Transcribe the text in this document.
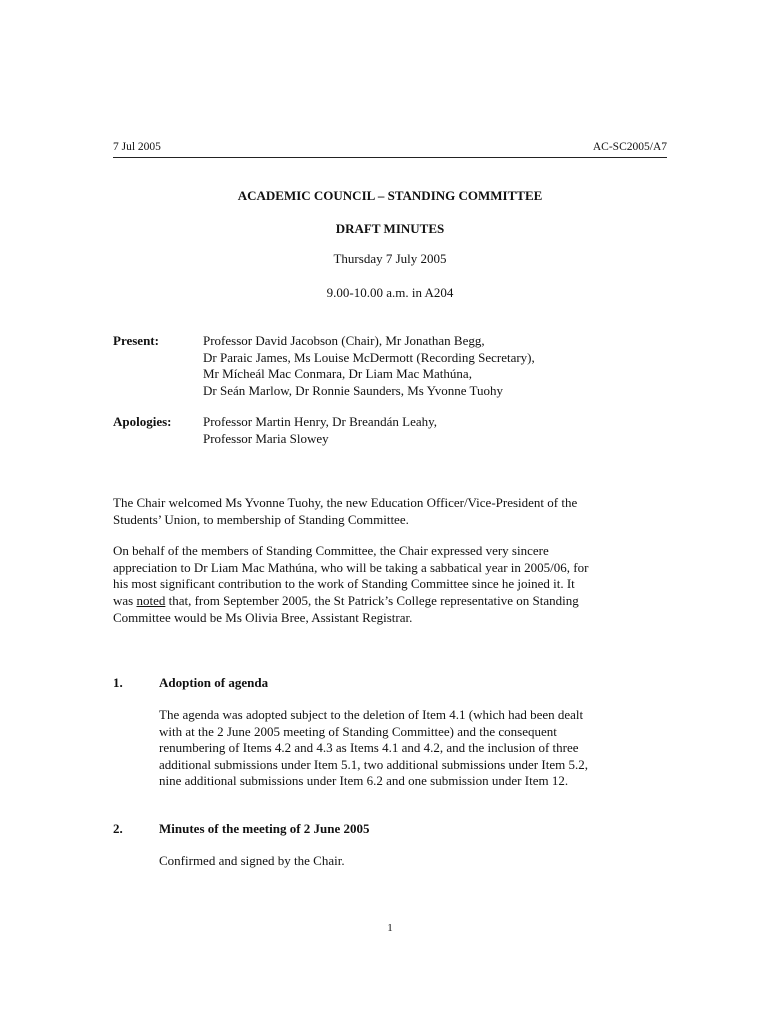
7 Jul 2005	AC-SC2005/A7
ACADEMIC COUNCIL – STANDING COMMITTEE
DRAFT MINUTES
Thursday 7 July 2005
9.00-10.00 a.m. in A204
Present:	Professor David Jacobson (Chair), Mr Jonathan Begg,
Dr Paraic James, Ms Louise McDermott (Recording Secretary),
Mr Mícheál Mac Conmara, Dr Liam Mac Mathúna,
Dr Seán Marlow, Dr Ronnie Saunders, Ms Yvonne Tuohy
Apologies: Professor Martin Henry, Dr Breandán Leahy,
Professor Maria Slowey
The Chair welcomed Ms Yvonne Tuohy, the new Education Officer/Vice-President of the
Students’ Union, to membership of Standing Committee.
On behalf of the members of Standing Committee, the Chair expressed very sincere
appreciation to Dr Liam Mac Mathúna, who will be taking a sabbatical year in 2005/06, for
his most significant contribution to the work of Standing Committee since he joined it. It
was noted that, from September 2005, the St Patrick’s College representative on Standing
Committee would be Ms Olivia Bree, Assistant Registrar.
1.	Adoption of agenda
The agenda was adopted subject to the deletion of Item 4.1 (which had been dealt
with at the 2 June 2005 meeting of Standing Committee) and the consequent
renumbering of Items 4.2 and 4.3 as Items 4.1 and 4.2, and the inclusion of three
additional submissions under Item 5.1, two additional submissions under Item 5.2,
nine additional submissions under Item 6.2 and one submission under Item 12.
2.	Minutes of the meeting of 2 June 2005
Confirmed and signed by the Chair.
1
